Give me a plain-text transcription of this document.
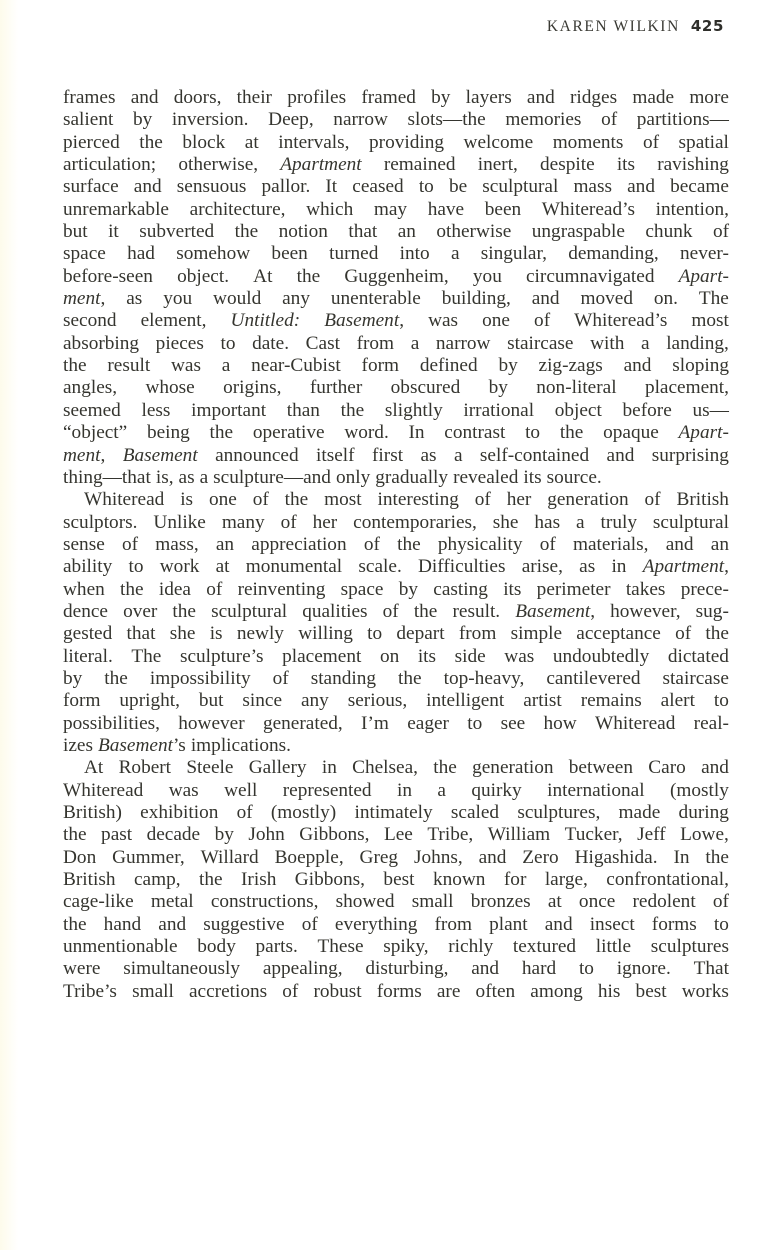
KAREN WILKIN 425
frames and doors, their profiles framed by layers and ridges made more
salient by inversion. Deep, narrow slots—the memories of partitions—
pierced the block at intervals, providing welcome moments of spatial
articulation; otherwise, Apartment remained inert, despite its ravishing
surface and sensuous pallor. It ceased to be sculptural mass and became
unremarkable architecture, which may have been Whiteread’s intention,
but it subverted the notion that an otherwise ungraspable chunk of
space had somehow been turned into a singular, demanding, never-
before-seen object. At the Guggenheim, you circumnavigated Apart-
ment, as you would any unenterable building, and moved on. The
second element, Untitled: Basement, was one of Whiteread’s most
absorbing pieces to date. Cast from a narrow staircase with a landing,
the result was a near-Cubist form defined by zig-zags and sloping
angles, whose origins, further obscured by non-literal placement,
seemed less important than the slightly irrational object before us—
“object” being the operative word. In contrast to the opaque Apart-
ment, Basement announced itself first as a self-contained and surprising
thing—that is, as a sculpture—and only gradually revealed its source.
Whiteread is one of the most interesting of her generation of British
sculptors. Unlike many of her contemporaries, she has a truly sculptural
sense of mass, an appreciation of the physicality of materials, and an
ability to work at monumental scale. Difficulties arise, as in Apartment,
when the idea of reinventing space by casting its perimeter takes prece-
dence over the sculptural qualities of the result. Basement, however, sug-
gested that she is newly willing to depart from simple acceptance of the
literal. The sculpture’s placement on its side was undoubtedly dictated
by the impossibility of standing the top-heavy, cantilevered staircase
form upright, but since any serious, intelligent artist remains alert to
possibilities, however generated, I’m eager to see how Whiteread real-
izes Basement’s implications.
At Robert Steele Gallery in Chelsea, the generation between Caro and
Whiteread was well represented in a quirky international (mostly
British) exhibition of (mostly) intimately scaled sculptures, made during
the past decade by John Gibbons, Lee Tribe, William Tucker, Jeff Lowe,
Don Gummer, Willard Boepple, Greg Johns, and Zero Higashida. In the
British camp, the Irish Gibbons, best known for large, confrontational,
cage-like metal constructions, showed small bronzes at once redolent of
the hand and suggestive of everything from plant and insect forms to
unmentionable body parts. These spiky, richly textured little sculptures
were simultaneously appealing, disturbing, and hard to ignore. That
Tribe’s small accretions of robust forms are often among his best works
